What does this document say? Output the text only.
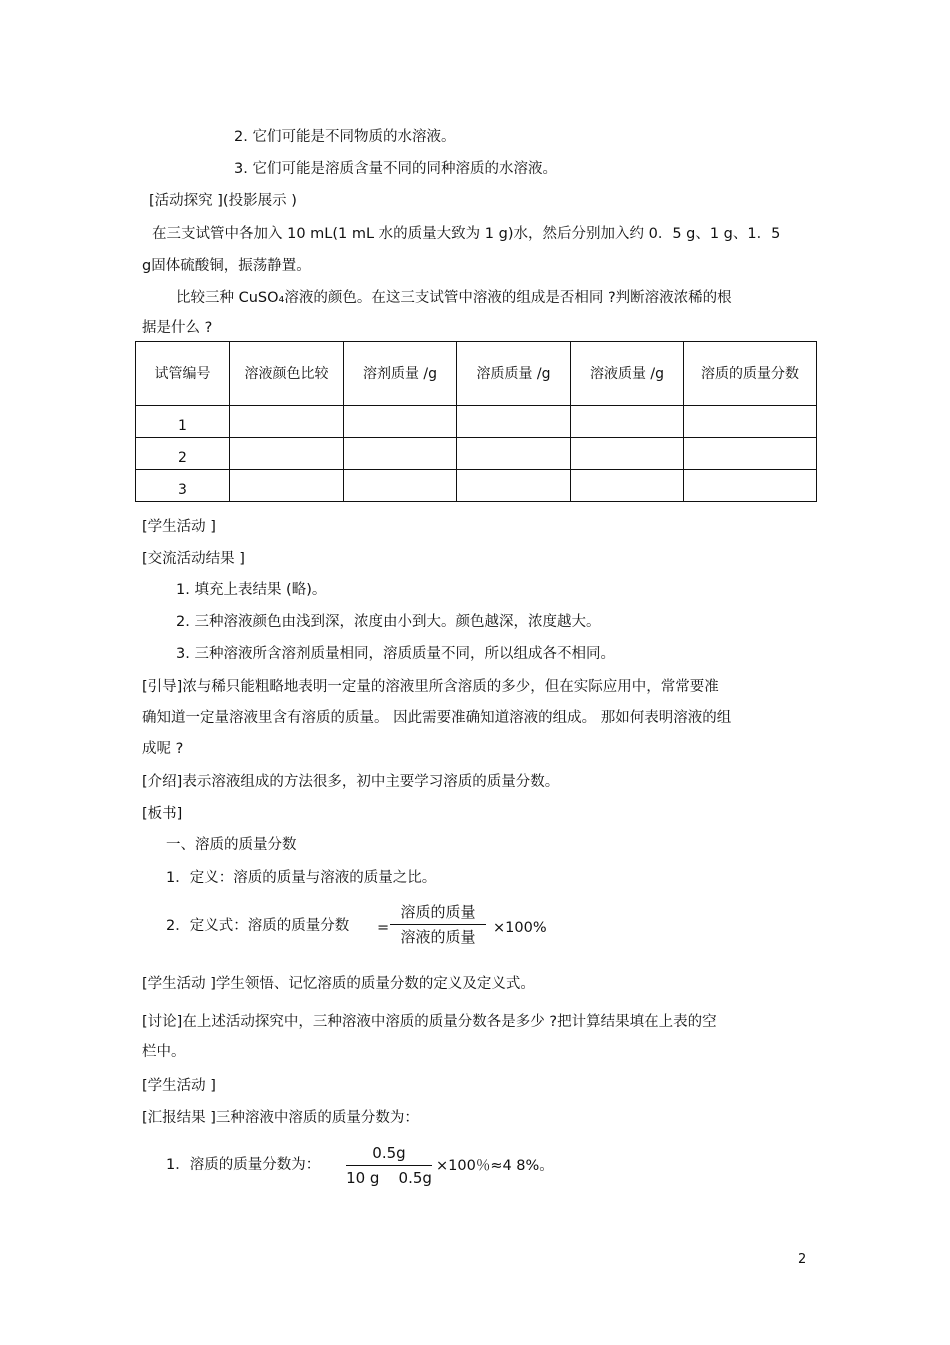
2. 它们可能是不同物质的水溶液。
3. 它们可能是溶质含量不同的同种溶质的水溶液。
[活动探究 ](投影展示 )
在三支试管中各加入 10 mL(1 mL 水的质量大致为 1 g)水，然后分别加入约 0．5 g、1 g、1．5
g固体硫酸铜，振荡静置。
比较三种 CuSO₄溶液的颜色。在这三支试管中溶液的组成是否相同 ?判断溶液浓稀的根
据是什么 ?
试管编号	溶液颜色比较	溶剂质量 /g	溶质质量 /g	溶液质量 /g	溶质的质量分数
1					
2					
3					
[学生活动 ]
[交流活动结果 ]
1. 填充上表结果 (略)。
2. 三种溶液颜色由浅到深，浓度由小到大。颜色越深，浓度越大。
3. 三种溶液所含溶剂质量相同，溶质质量不同，所以组成各不相同。
[引导]浓与稀只能粗略地表明一定量的溶液里所含溶质的多少，但在实际应用中，常常要准
确知道一定量溶液里含有溶质的质量。 因此需要准确知道溶液的组成。 那如何表明溶液的组
成呢 ?
[介绍]表示溶液组成的方法很多，初中主要学习溶质的质量分数。
[板书]
一、溶质的质量分数
1．定义：溶质的质量与溶液的质量之比。
2．定义式：溶质的质量分数 =
溶质的质量
溶液的质量	×100%
[学生活动 ]学生领悟、记忆溶质的质量分数的定义及定义式。
[讨论]在上述活动探究中，三种溶液中溶质的质量分数各是多少 ?把计算结果填在上表的空
栏中。
[学生活动 ]
[汇报结果 ]三种溶液中溶质的质量分数为：
1．溶质的质量分数为：
0.5g
10 g    0.5g
×100％≈4 8%。
2
